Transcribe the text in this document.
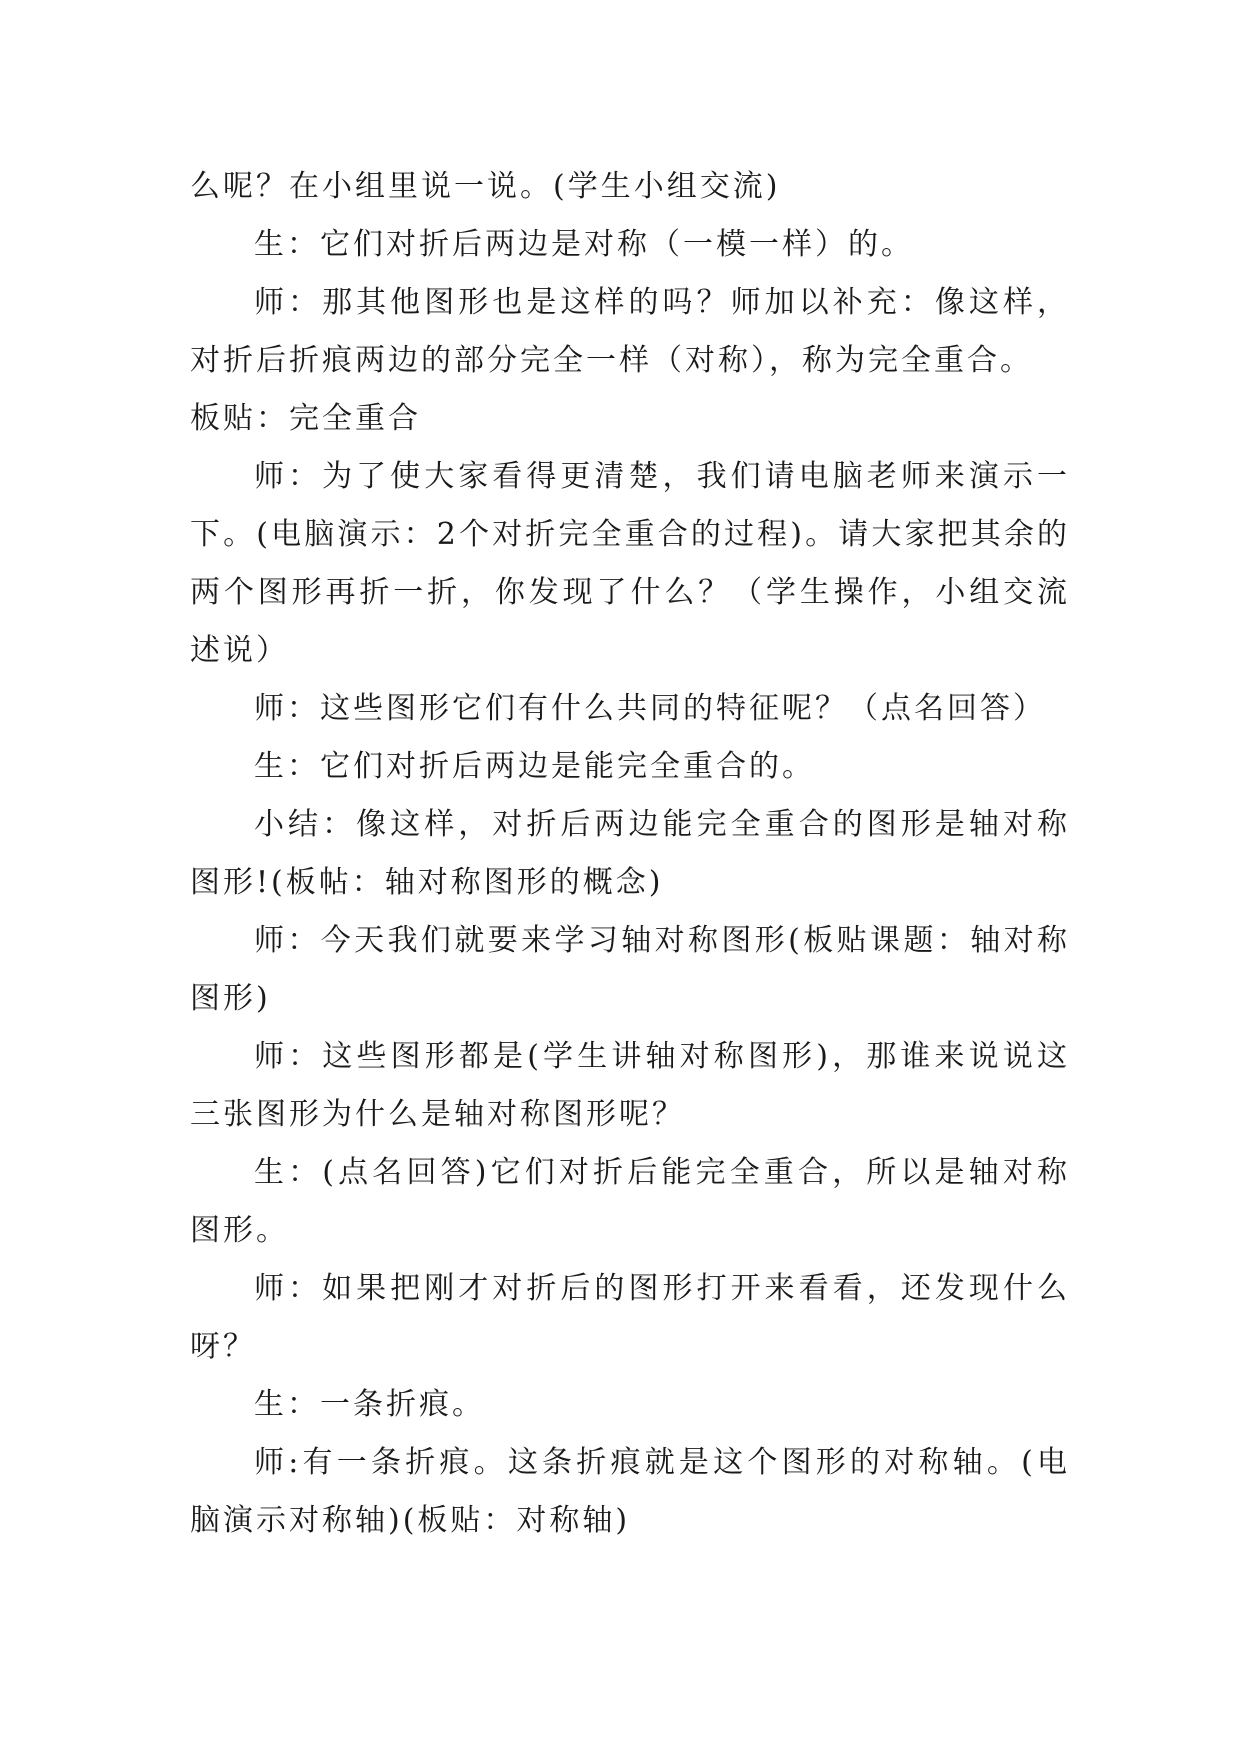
么呢？在小组里说一说。(学生小组交流)

生：它们对折后两边是对称（一模一样）的。

师：那其他图形也是这样的吗？师加以补充：像这样，对折后折痕两边的部分完全一样（对称），称为完全重合。

板贴：完全重合

师：为了使大家看得更清楚，我们请电脑老师来演示一下。(电脑演示：2个对折完全重合的过程)。请大家把其余的两个图形再折一折，你发现了什么？（学生操作，小组交流述说）

师：这些图形它们有什么共同的特征呢？（点名回答）

生：它们对折后两边是能完全重合的。

小结：像这样，对折后两边能完全重合的图形是轴对称图形!(板帖：轴对称图形的概念)

师：今天我们就要来学习轴对称图形(板贴课题：轴对称图形)

师：这些图形都是(学生讲轴对称图形)，那谁来说说这三张图形为什么是轴对称图形呢？

生：(点名回答)它们对折后能完全重合，所以是轴对称图形。

师：如果把刚才对折后的图形打开来看看，还发现什么呀？

生：一条折痕。

师:有一条折痕。这条折痕就是这个图形的对称轴。(电脑演示对称轴)(板贴：对称轴)
